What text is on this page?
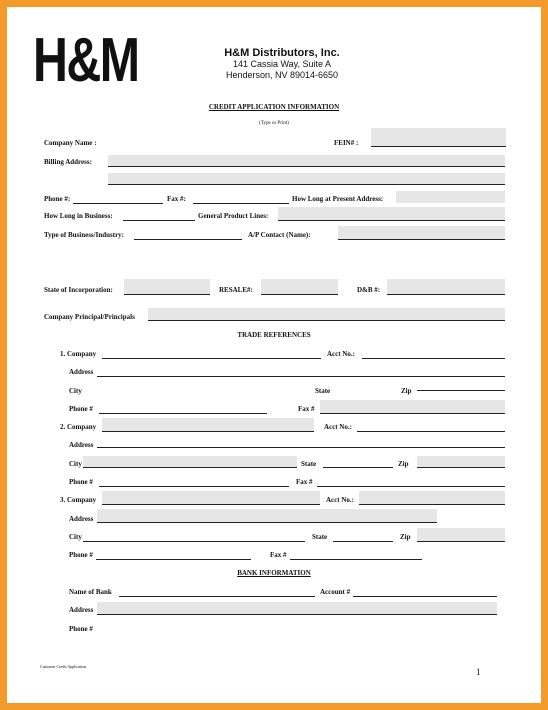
H&M	H&M Distributors, Inc.
141 Cassia Way, Suite A
Henderson, NV 89014-6650
CREDIT APPLICATION INFORMATION
(Type or Print)
Company Name :	FEIN# :
Billing Address:
Phone #:	Fax #:	How Long at Present Address:
How Long in Business:	General Product Lines:
Type of Business/Industry:	A/P Contact (Name):
State of Incorporation:	RESALE#:	D&B #:
Company Principal/Principals
TRADE REFERENCES
1. Company	Acct No.:
Address
City	State	Zip
Phone #	Fax #
2. Company	Acct No.:
Address
City	State	Zip
Phone #	Fax #
3. Company	Acct No.:
Address
City	State	Zip
Phone #	Fax #
BANK INFORMATION
Name of Bank	Account #
Address
Phone #
Customer Credit Application
1
